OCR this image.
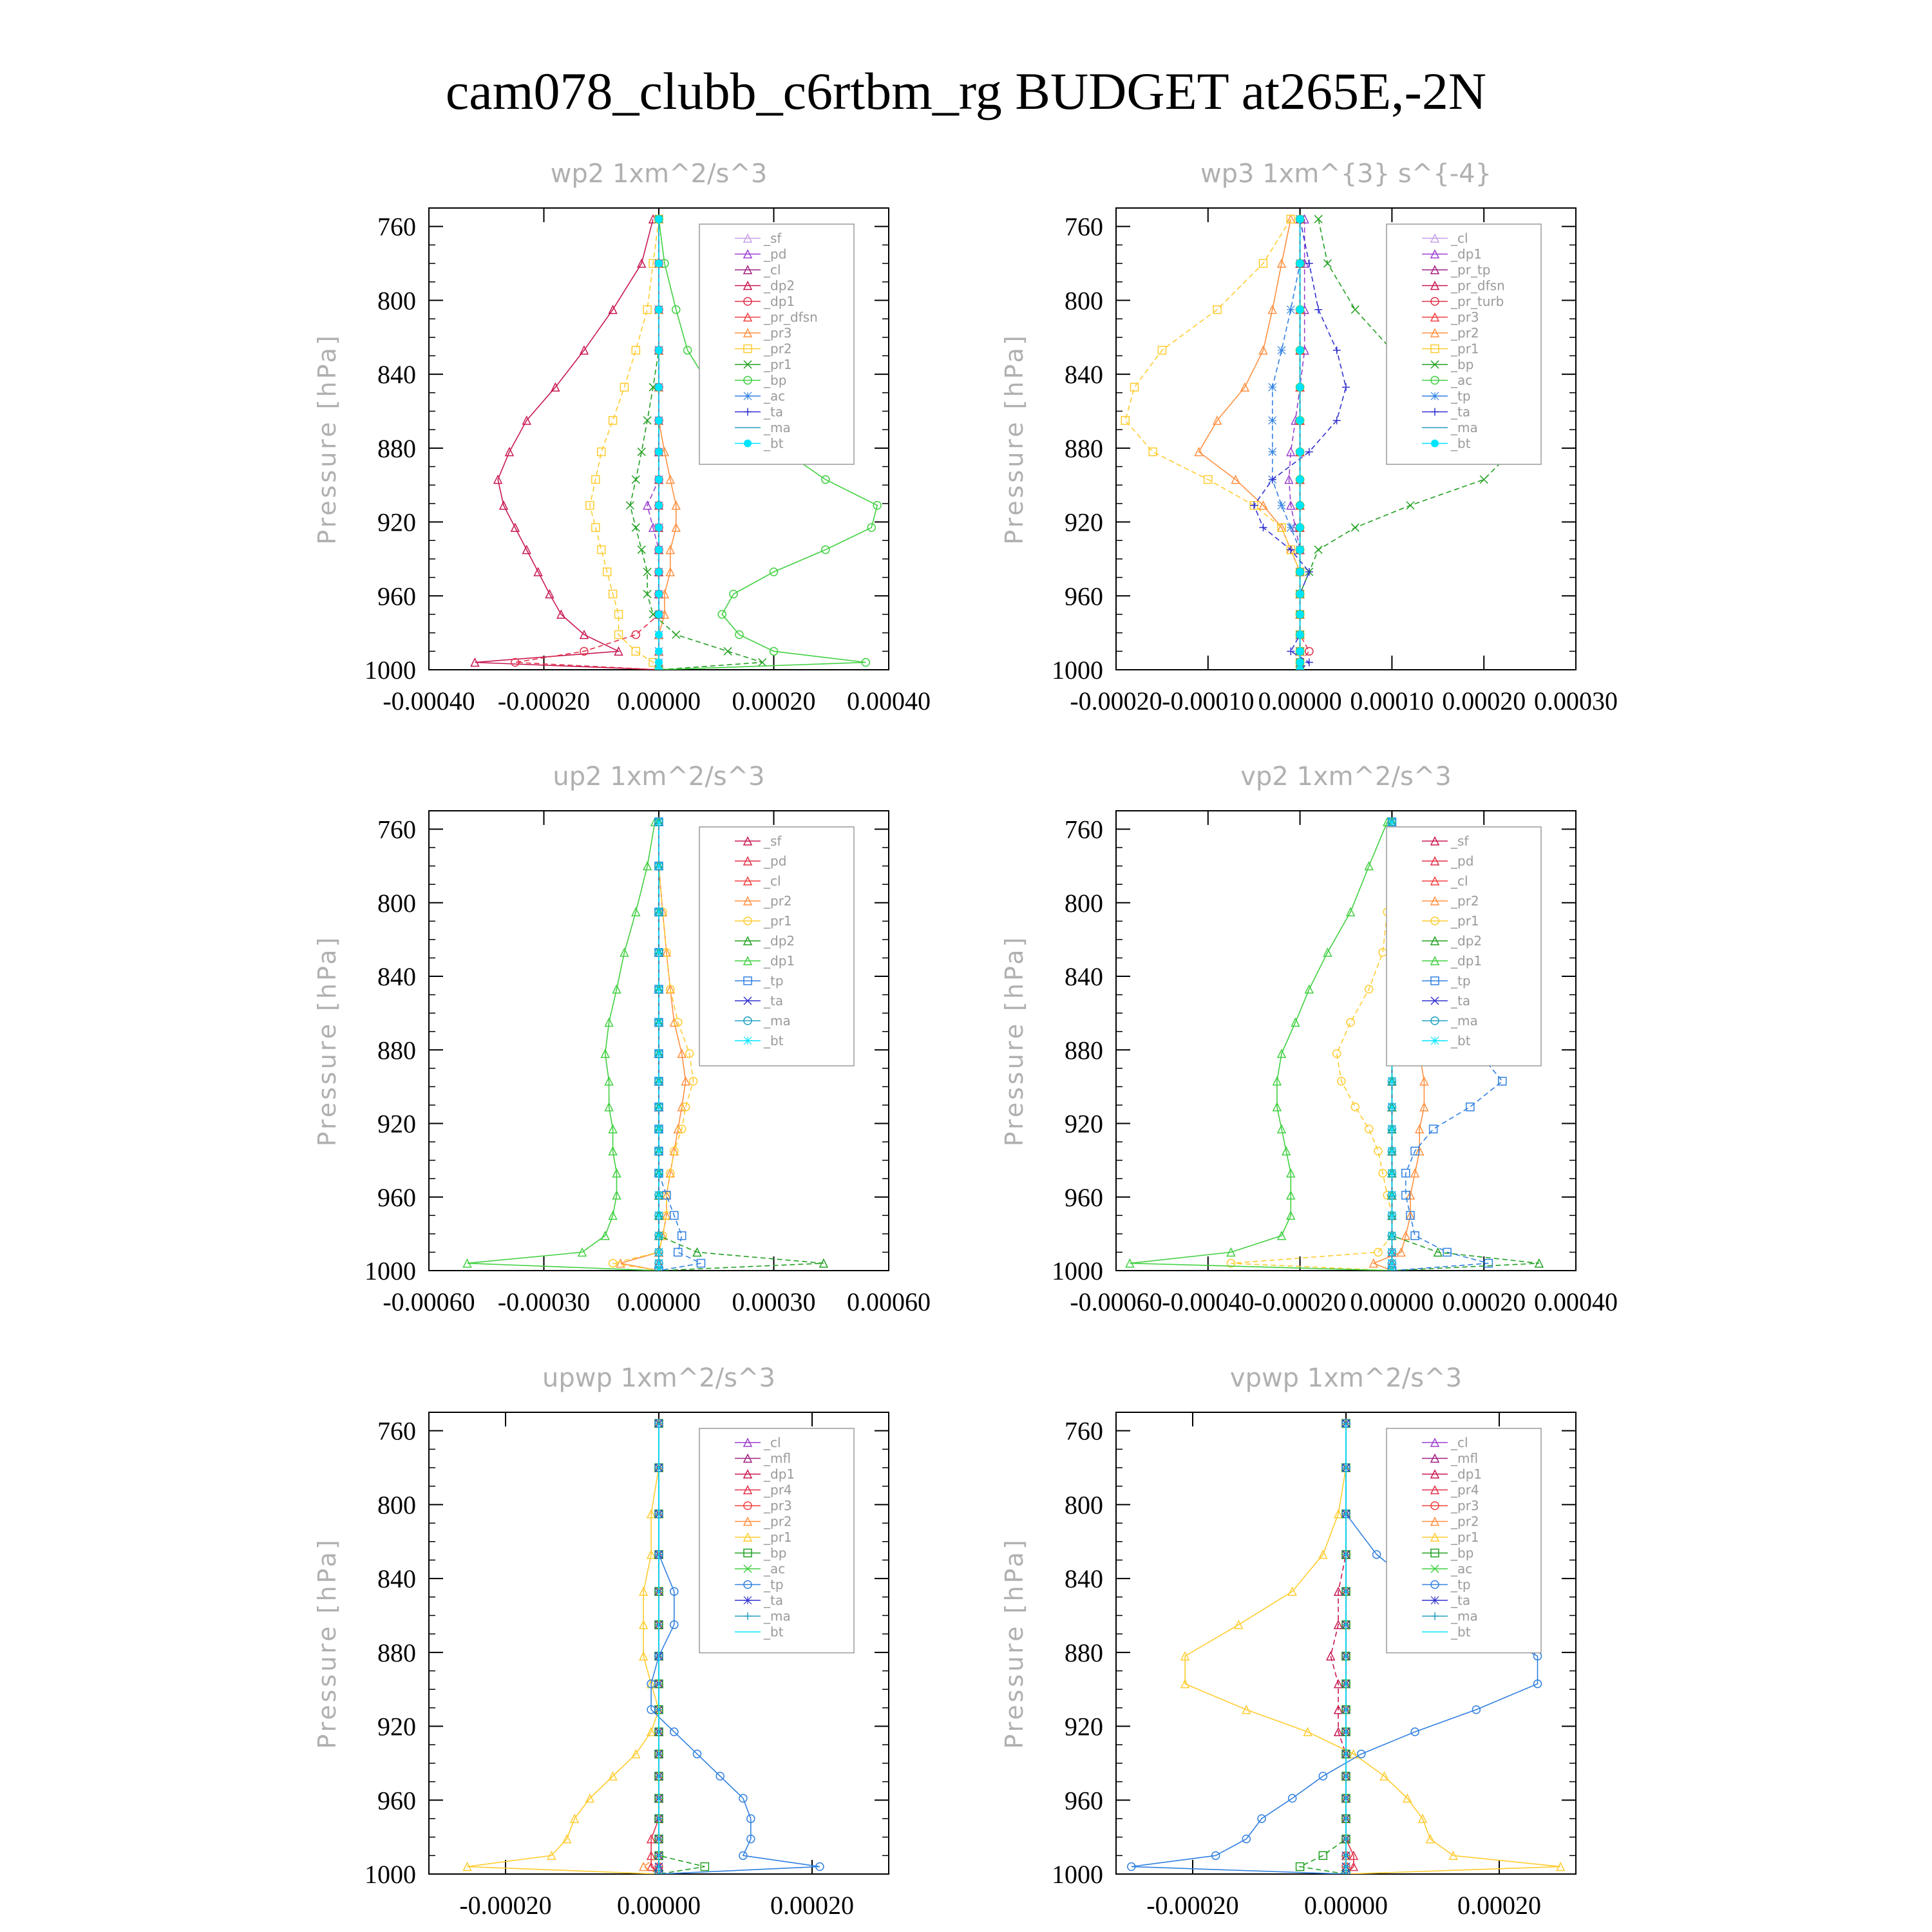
cam078_clubb_c6rtbm_rg BUDGET at265E,-2N
wp2 1xm^2/s^3
Pressure [hPa]
760
800
840
880
920
960
1000
-0.00040 -0.00020 0.00000 0.00020 0.00040
_sf
_pd
_cl
_dp2
_dp1
_pr_dfsn
_pr3
_pr2
_pr1
_bp
_ac
_ta
_ma
_bt
wp3 1xm^{3} s^{-4}
Pressure [hPa]
760
800
840
880
920
960
1000
-0.00020 -0.00010 0.00000 0.00010 0.00020 0.00030
_cl
_dp1
_pr_tp
_pr_dfsn
_pr_turb
_pr3
_pr2
_pr1
_bp
_ac
_tp
_ta
_ma
_bt
up2 1xm^2/s^3
Pressure [hPa]
760
800
840
880
920
960
1000
-0.00060 -0.00030 0.00000 0.00030 0.00060
_sf
_pd
_cl
_pr2
_pr1
_dp2
_dp1
_tp
_ta
_ma
_bt
vp2 1xm^2/s^3
Pressure [hPa]
760
800
840
880
920
960
1000
-0.00060 -0.00040 -0.00020 0.00000 0.00020 0.00040
_sf
_pd
_cl
_pr2
_pr1
_dp2
_dp1
_tp
_ta
_ma
_bt
upwp 1xm^2/s^3
Pressure [hPa]
760
800
840
880
920
960
1000
-0.00020	0.00000	0.00020
_cl
_mfl
_dp1
_pr4
_pr3
_pr2
_pr1
_bp
_ac
_tp
_ta
_ma
_bt
vpwp 1xm^2/s^3
Pressure [hPa]
760
800
840
880
920
960
1000
-0.00020	0.00000	0.00020
_cl
_mfl
_dp1
_pr4
_pr3
_pr2
_pr1
_bp
_ac
_tp
_ta
_ma
_bt
